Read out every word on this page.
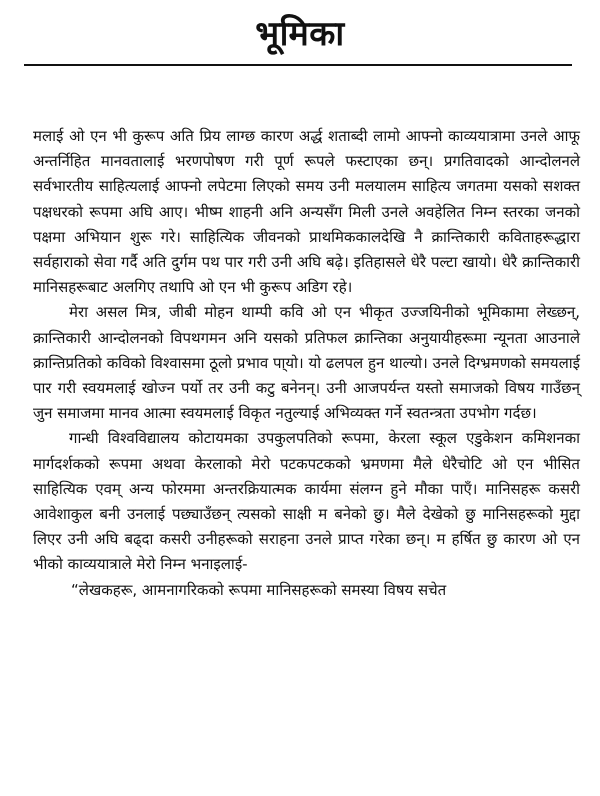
भूमिका

मलाई ओ एन भी कुरूप अति प्रिय लाग्छ कारण अर्द्ध शताब्दी लामो आफ्नो काव्ययात्रामा उनले आफू अन्तर्निहित मानवतालाई भरणपोषण गरी पूर्ण रूपले फस्टाएका छन्। प्रगतिवादको आन्दोलनले सर्वभारतीय साहित्यलाई आफ्नो लपेटमा लिएको समय उनी मलयालम साहित्य जगतमा यसको सशक्त पक्षधरको रूपमा अघि आए। भीष्म शाहनी अनि अन्यसँग मिली उनले अवहेलित निम्न स्तरका जनको पक्षमा अभियान शुरू गरे। साहित्यिक जीवनको प्राथमिककालदेखि नै क्रान्तिकारी कविताहरूद्धारा सर्वहाराको सेवा गर्दै अति दुर्गम पथ पार गरी उनी अघि बढ़े। इतिहासले धेरै पल्टा खायो। धेरै क्रान्तिकारी मानिसहरूबाट अलगिए तथापि ओ एन भी कुरूप अडिग रहे।

मेरा असल मित्र, जीबी मोहन थाम्पी कवि ओ एन भीकृत उज्जयिनीको भूमिकामा लेख्छन्, क्रान्तिकारी आन्दोलनको विपथगमन अनि यसको प्रतिफल क्रान्तिका अनुयायीहरूमा न्यूनता आउनाले क्रान्तिप्रतिको कविको विश्वासमा ठूलो प्रभाव पा्यो। यो ढलपल हुन थाल्यो। उनले दिग्भ्रमणको समयलाई पार गरी स्वयमलाई खोज्न पर्यो तर उनी कटु बनेनन्। उनी आजपर्यन्त यस्तो समाजको विषय गाउँछन् जुन समाजमा मानव आत्मा स्वयमलाई विकृत नतुल्याई अभिव्यक्त गर्ने स्वतन्त्रता उपभोग गर्दछ।

गान्धी विश्वविद्यालय कोटायमका उपकुलपतिको रूपमा, केरला स्कूल एडुकेशन कमिशनका मार्गदर्शकको रूपमा अथवा केरलाको मेरो पटकपटकको भ्रमणमा मैले धेरैचोटि ओ एन भीसित साहित्यिक एवम् अन्य फोरममा अन्तरक्रियात्मक कार्यमा संलग्न हुने मौका पाएँ। मानिसहरू कसरी आवेशाकुल बनी उनलाई पछ्याउँछन् त्यसको साक्षी म बनेको छु। मैले देखेको छु मानिसहरूको मुद्दा लिएर उनी अघि बढ्दा कसरी उनीहरूको सराहना उनले प्राप्त गरेका छन्। म हर्षित छु कारण ओ एन भीको काव्ययात्राले मेरो निम्न भनाइलाई-

“लेखकहरू, आमनागरिकको रूपमा मानिसहरूको समस्या विषय सचेत
